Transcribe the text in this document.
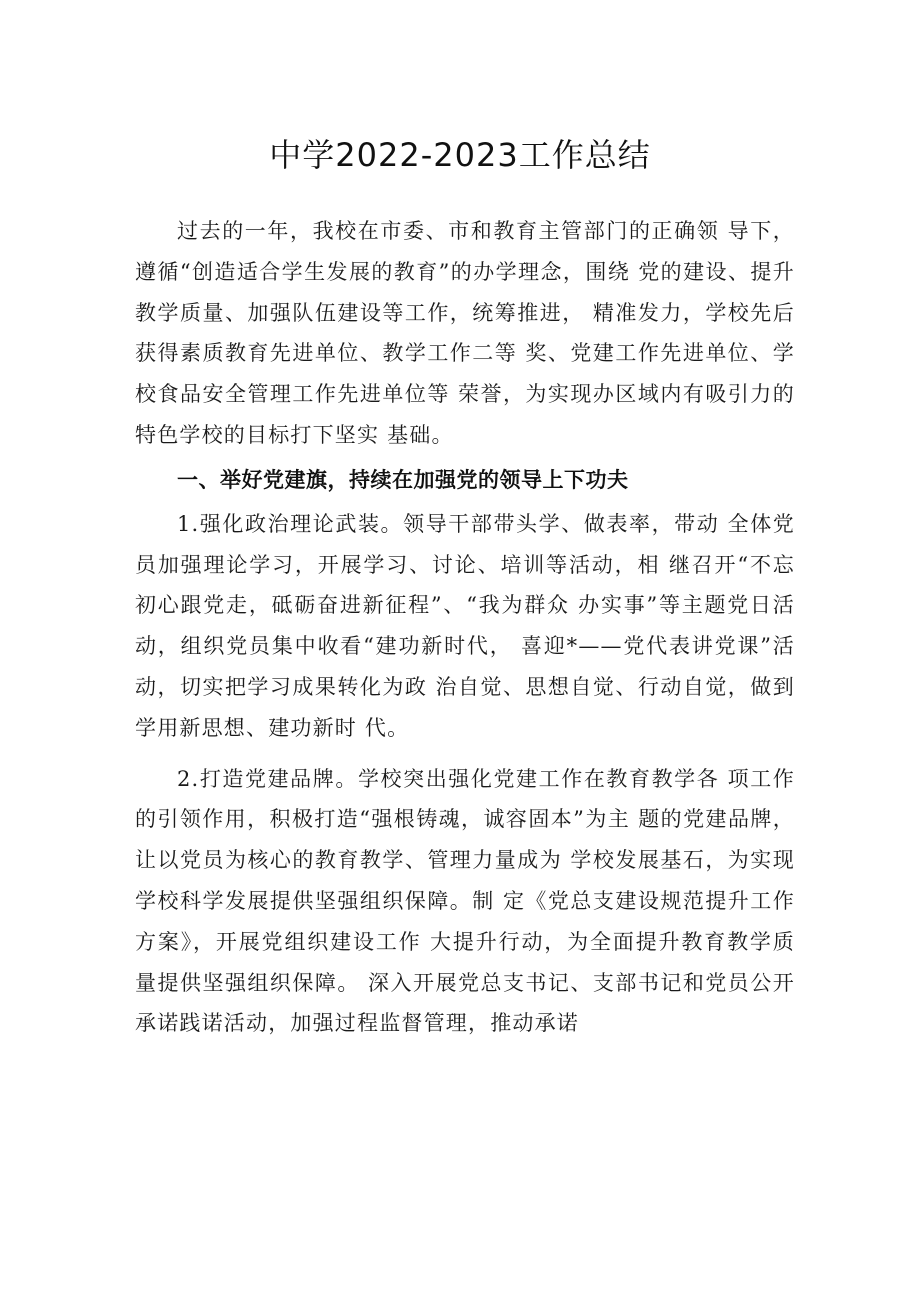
中学2022-2023工作总结

过去的一年，我校在市委、市和教育主管部门的正确领 导下，遵循“创造适合学生发展的教育”的办学理念，围绕 党的建设、提升教学质量、加强队伍建设等工作，统筹推进， 精准发力，学校先后获得素质教育先进单位、教学工作二等 奖、党建工作先进单位、学校食品安全管理工作先进单位等 荣誉，为实现办区域内有吸引力的特色学校的目标打下坚实 基础。

一、举好党建旗，持续在加强党的领导上下功夫

1.强化政治理论武装。领导干部带头学、做表率，带动 全体党员加强理论学习，开展学习、讨论、培训等活动，相 继召开“不忘初心跟党走，砥砺奋进新征程”、“我为群众 办实事”等主题党日活动，组织党员集中收看“建功新时代， 喜迎*——党代表讲党课”活动，切实把学习成果转化为政 治自觉、思想自觉、行动自觉，做到学用新思想、建功新时 代。

2.打造党建品牌。学校突出强化党建工作在教育教学各 项工作的引领作用，积极打造“强根铸魂，诚容固本”为主 题的党建品牌，让以党员为核心的教育教学、管理力量成为 学校发展基石，为实现学校科学发展提供坚强组织保障。制 定《党总支建设规范提升工作方案》，开展党组织建设工作 大提升行动，为全面提升教育教学质量提供坚强组织保障。 深入开展党总支书记、支部书记和党员公开承诺践诺活动，加强过程监督管理，推动承诺
